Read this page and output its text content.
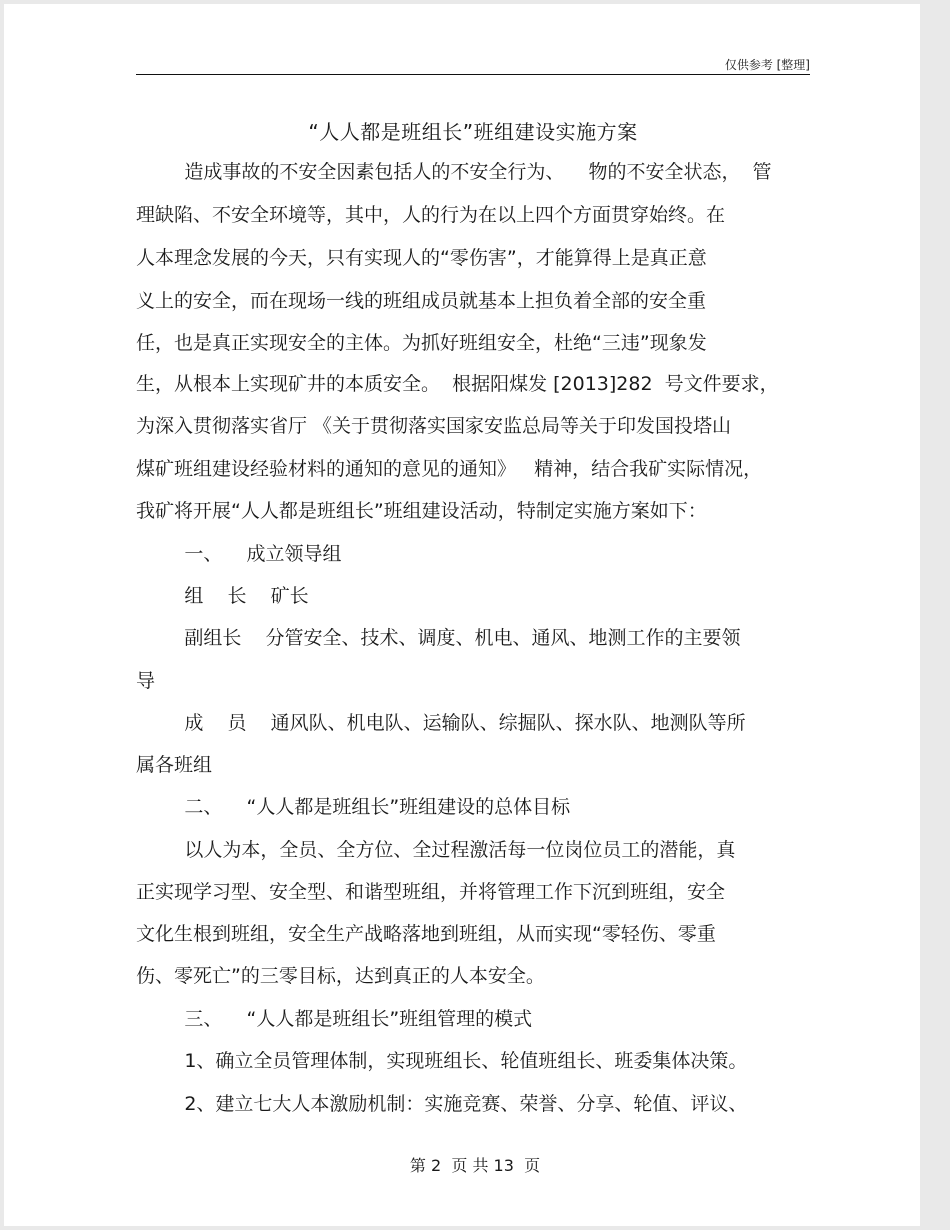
仅供参考 [整理]
“人人都是班组长”班组建设实施方案
造成事故的不安全因素包括人的不安全行为、    物的不安全状态，  管
理缺陷、不安全环境等，其中，人的行为在以上四个方面贯穿始终。在
人本理念发展的今天，只有实现人的“零伤害”，才能算得上是真正意
义上的安全，而在现场一线的班组成员就基本上担负着全部的安全重
任，也是真正实现安全的主体。为抓好班组安全，杜绝“三违”现象发
生，从根本上实现矿井的本质安全。  根据阳煤发 [2013]282  号文件要求，
为深入贯彻落实省厅 《关于贯彻落实国家安监总局等关于印发国投塔山
煤矿班组建设经验材料的通知的意见的通知》   精神，结合我矿实际情况，
我矿将开展“人人都是班组长”班组建设活动，特制定实施方案如下：
一、    成立领导组
组    长    矿长
副组长    分管安全、技术、调度、机电、通风、地测工作的主要领
导
成    员    通风队、机电队、运输队、综掘队、探水队、地测队等所
属各班组
二、    “人人都是班组长”班组建设的总体目标
以人为本，全员、全方位、全过程激活每一位岗位员工的潜能，真
正实现学习型、安全型、和谐型班组，并将管理工作下沉到班组，安全
文化生根到班组，安全生产战略落地到班组，从而实现“零轻伤、零重
伤、零死亡”的三零目标，达到真正的人本安全。
三、    “人人都是班组长”班组管理的模式
1、确立全员管理体制，实现班组长、轮值班组长、班委集体决策。
2、建立七大人本激励机制：实施竞赛、荣誉、分享、轮值、评议、
第 2  页 共 13  页
